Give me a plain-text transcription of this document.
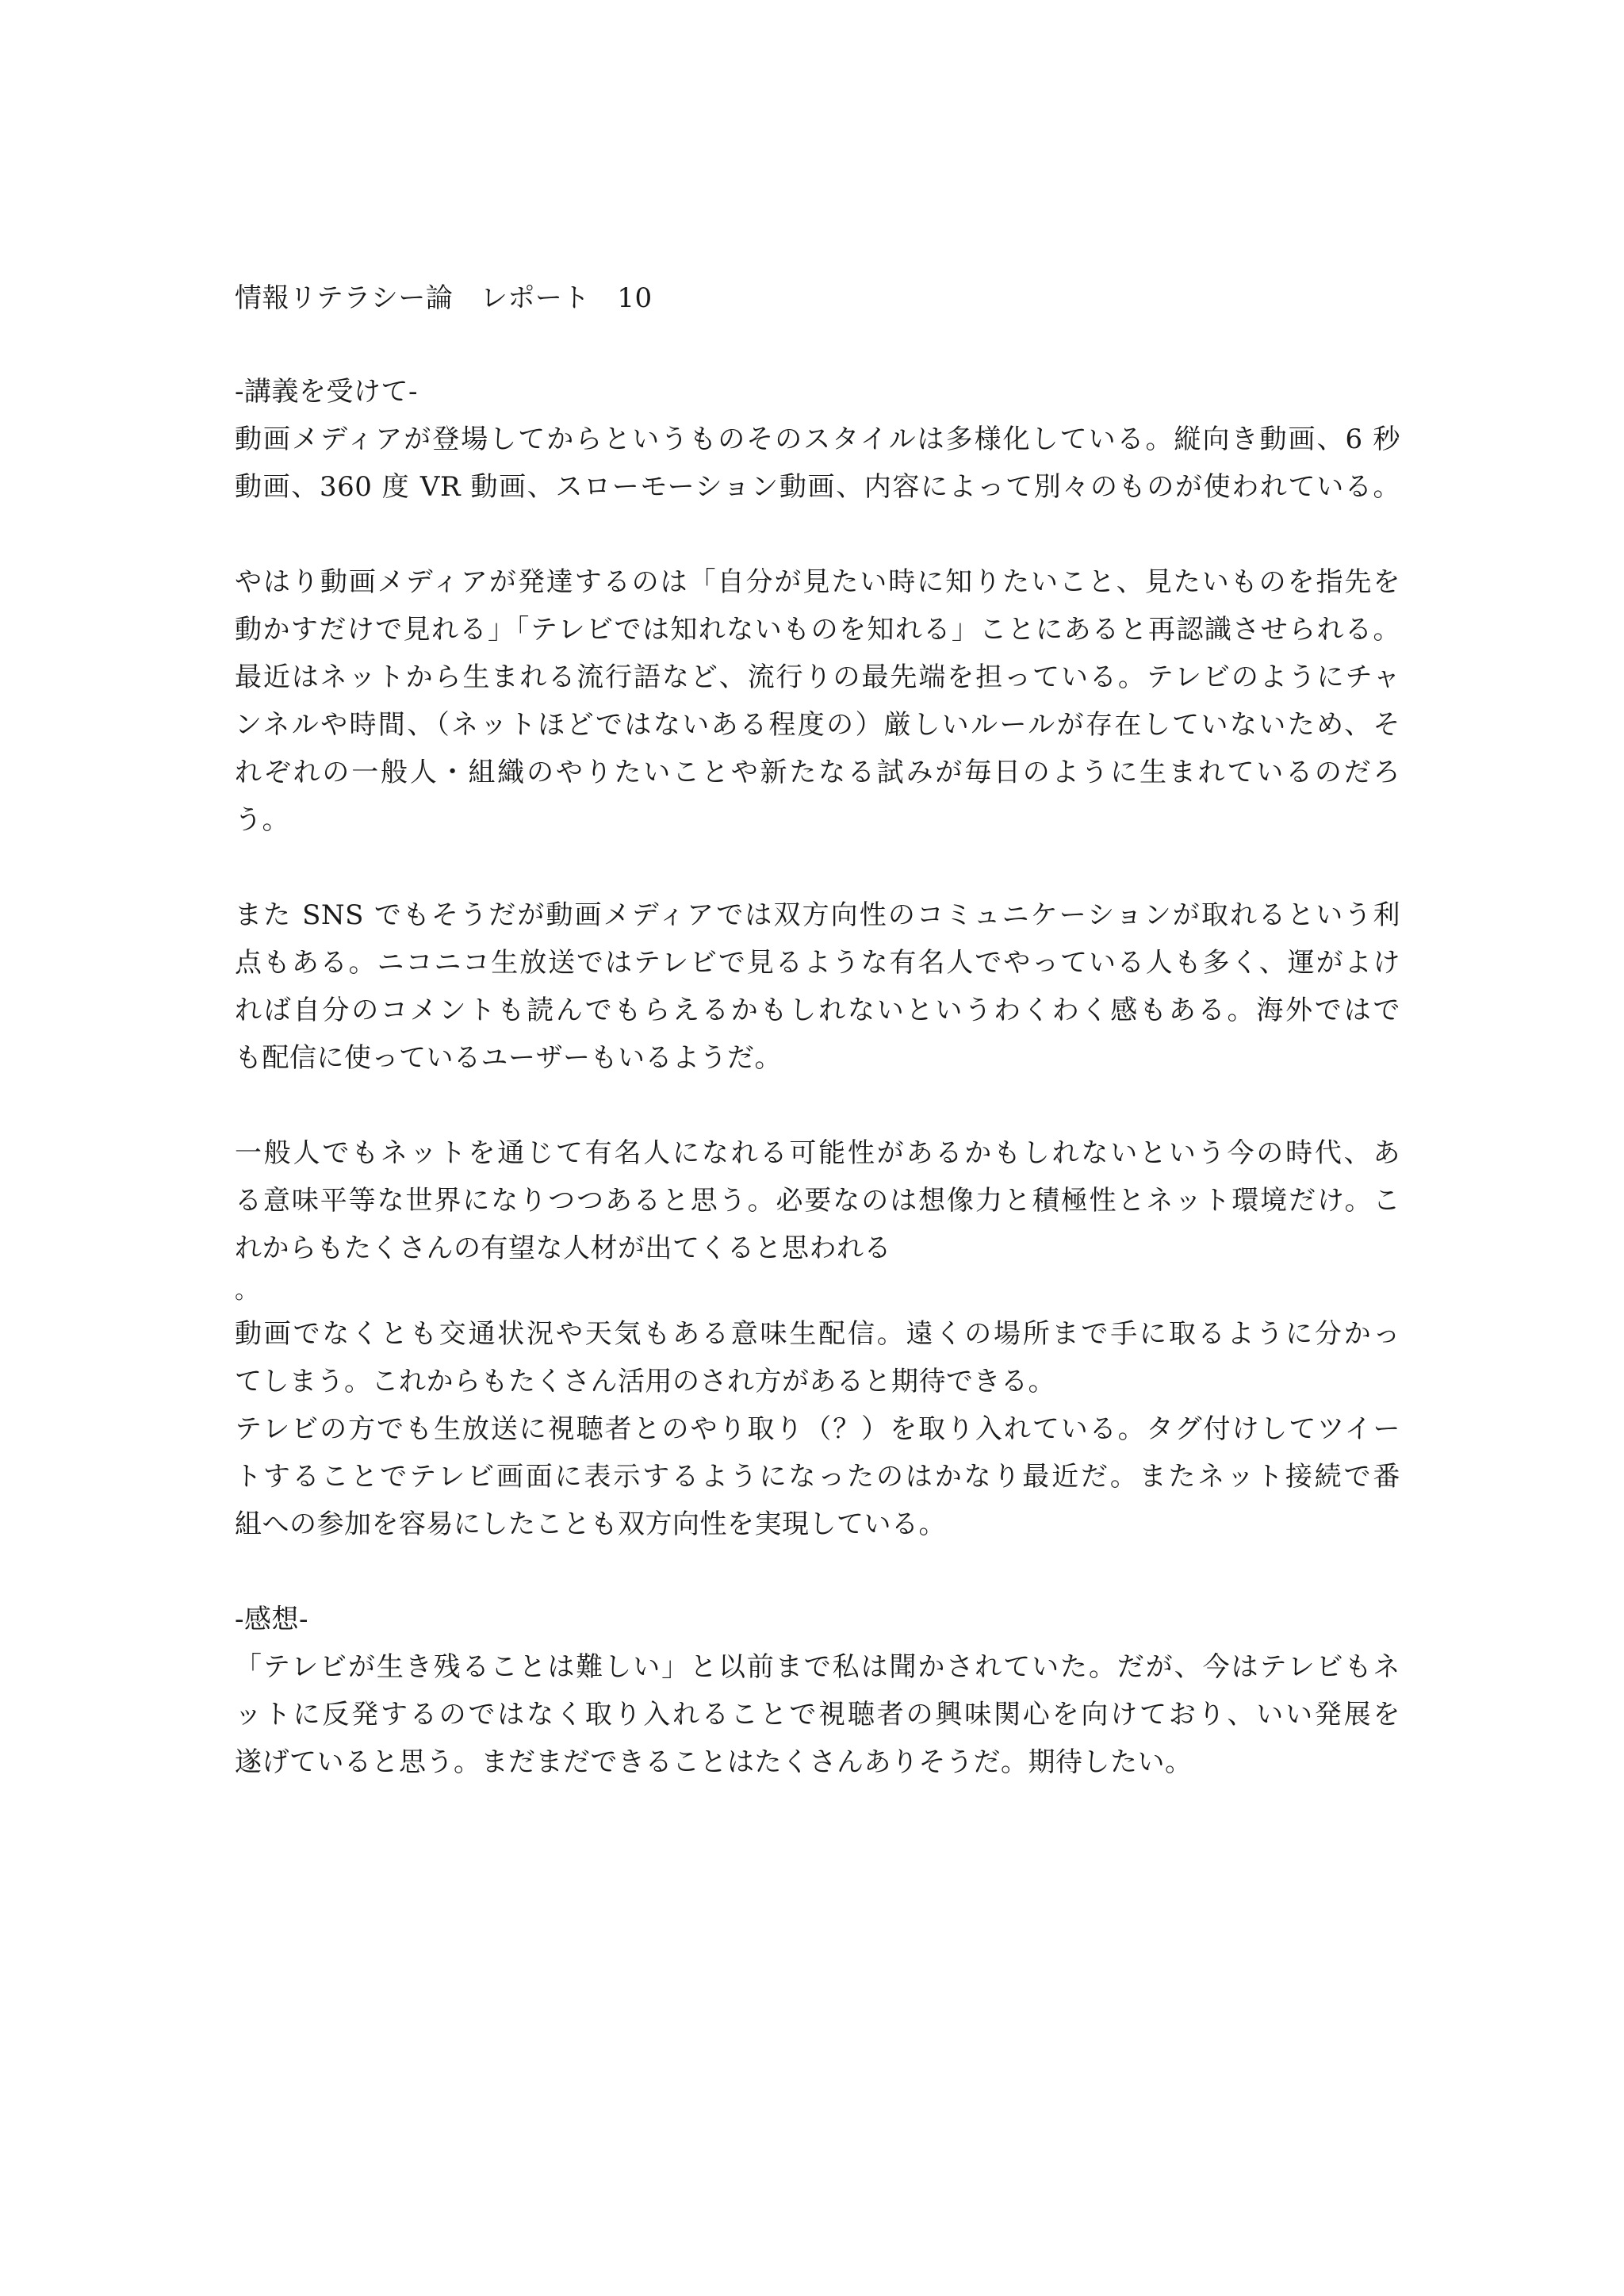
情報リテラシー論　レポート　10
-講義を受けて-
動画メディアが登場してからというものそのスタイルは多様化している。縦向き動画、6 秒
動画、360 度 VR 動画、スローモーション動画、内容によって別々のものが使われている。
やはり動画メディアが発達するのは「自分が見たい時に知りたいこと、見たいものを指先を
動かすだけで見れる」「テレビでは知れないものを知れる」ことにあると再認識させられる。
最近はネットから生まれる流行語など、流行りの最先端を担っている。テレビのようにチャ
ンネルや時間、（ネットほどではないある程度の）厳しいルールが存在していないため、そ
れぞれの一般人・組織のやりたいことや新たなる試みが毎日のように生まれているのだろ
う。
また SNS でもそうだが動画メディアでは双方向性のコミュニケーションが取れるという利
点もある。ニコニコ生放送ではテレビで見るような有名人でやっている人も多く、運がよけ
れば自分のコメントも読んでもらえるかもしれないというわくわく感もある。海外ではで
も配信に使っているユーザーもいるようだ。
一般人でもネットを通じて有名人になれる可能性があるかもしれないという今の時代、あ
る意味平等な世界になりつつあると思う。必要なのは想像力と積極性とネット環境だけ。こ
れからもたくさんの有望な人材が出てくると思われる
。
動画でなくとも交通状況や天気もある意味生配信。遠くの場所まで手に取るように分かっ
てしまう。これからもたくさん活用のされ方があると期待できる。
テレビの方でも生放送に視聴者とのやり取り（？）を取り入れている。タグ付けしてツイー
トすることでテレビ画面に表示するようになったのはかなり最近だ。またネット接続で番
組への参加を容易にしたことも双方向性を実現している。
-感想-
「テレビが生き残ることは難しい」と以前まで私は聞かされていた。だが、今はテレビもネ
ットに反発するのではなく取り入れることで視聴者の興味関心を向けており、いい発展を
遂げていると思う。まだまだできることはたくさんありそうだ。期待したい。
